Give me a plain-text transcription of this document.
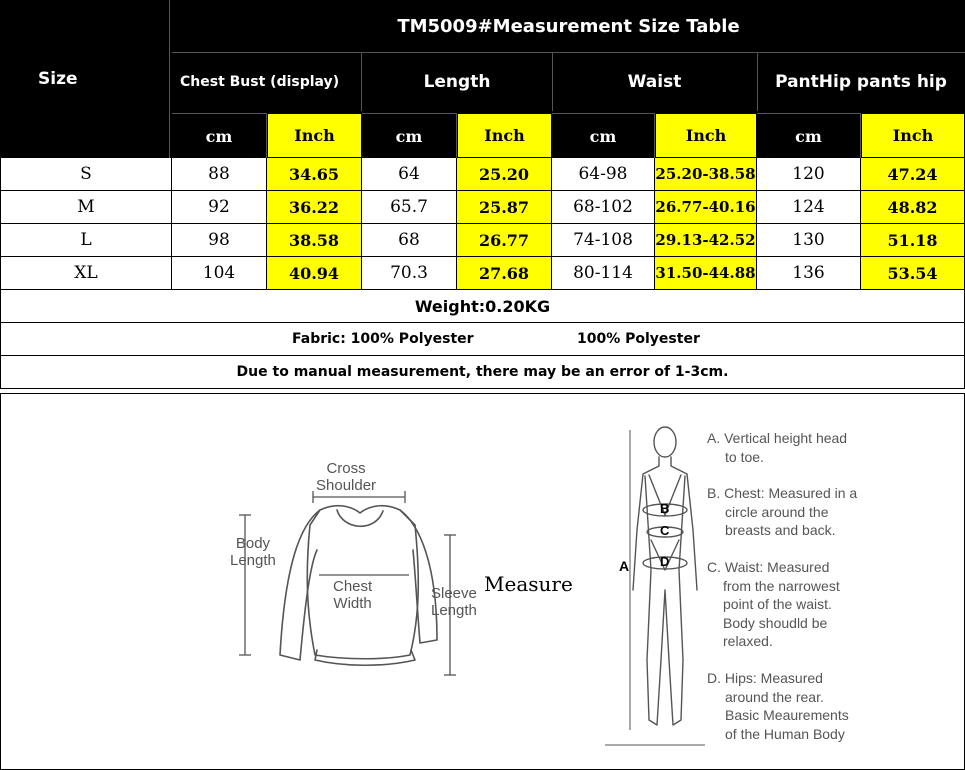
Size
TM5009#Measurement Size Table
Chest Bust (display)	Length	Waist	PantHip pants hip
cm	Inch	cm	Inch	cm	Inch	cm	Inch
S	88	34.65	64	25.20	64-98	25.20-38.58	120	47.24
M	92	36.22	65.7	25.87	68-102	26.77-40.16	124	48.82
L	98	38.58	68	26.77	74-108	29.13-42.52	130	51.18
XL	104	40.94	70.3	27.68	80-114	31.50-44.88	136	53.54
Weight:0.20KG
Fabric: 100% Polyester	100% Polyester
Due to manual measurement, there may be an error of 1-3cm.
Cross
Shoulder
Body
Length
Chest
Width
Sleeve
Length
Measure
A
B
C
D
A. Vertical height head
to toe.
B. Chest: Measured in a
circle around the
breasts and back.
C. Waist: Measured
from the narrowest
point of the waist.
Body shoudld be
relaxed.
D. Hips: Measured
around the rear.
Basic Meaurements
of the Human Body
